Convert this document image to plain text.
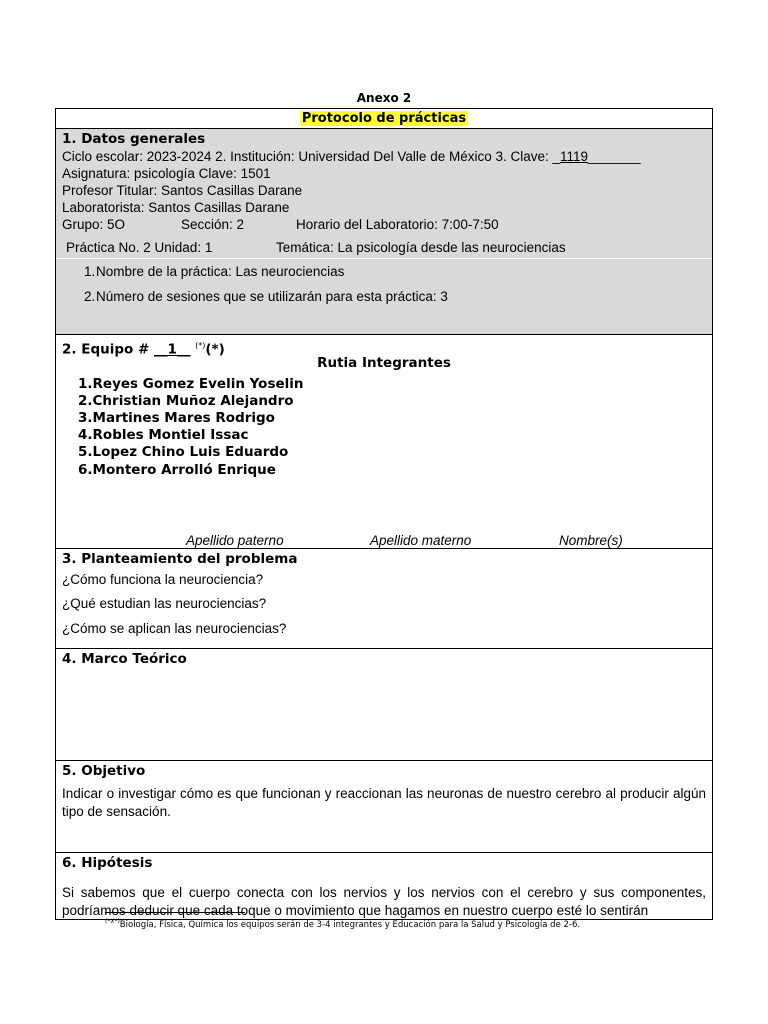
Anexo 2
Protocolo de prácticas

1. Datos generales
Ciclo escolar: 2023-2024 2. Institución: Universidad Del Valle de México 3. Clave: _1119_______
Asignatura: psicología Clave: 1501
Profesor Titular: Santos Casillas Darane
Laboratorista: Santos Casillas Darane
Grupo: 5O	Sección: 2	Horario del Laboratorio: 7:00-7:50
Práctica No. 2 Unidad: 1	Temática: La psicología desde las neurociencias
1. Nombre de la práctica: Las neurociencias
2. Número de sesiones que se utilizarán para esta práctica: 3

2. Equipo # __1__ (*)(*)
Rutia Integrantes
1.Reyes Gomez Evelin Yoselin
2.Christian Muñoz Alejandro
3.Martines Mares Rodrigo
4.Robles Montiel Issac
5.Lopez Chino Luis Eduardo
6.Montero Arrolló Enrique
Apellido paterno	Apellido materno	Nombre(s)

3. Planteamiento del problema
¿Cómo funciona la neurociencia?
¿Qué estudian las neurociencias?
¿Cómo se aplican las neurociencias?

4. Marco Teórico

5. Objetivo
Indicar o investigar cómo es que funcionan y reaccionan las neuronas de nuestro cerebro al producir algún tipo de sensación.

6. Hipótesis
Si sabemos que el cuerpo conecta con los nervios y los nervios con el cerebro y sus componentes, podríamos deducir que cada toque o movimiento que hagamos en nuestro cuerpo esté lo sentirán
$^{(*X*)}$Biología, Física, Química los equipos serán de 3-4 integrantes y Educación para la Salud y Psicología de 2-6.
